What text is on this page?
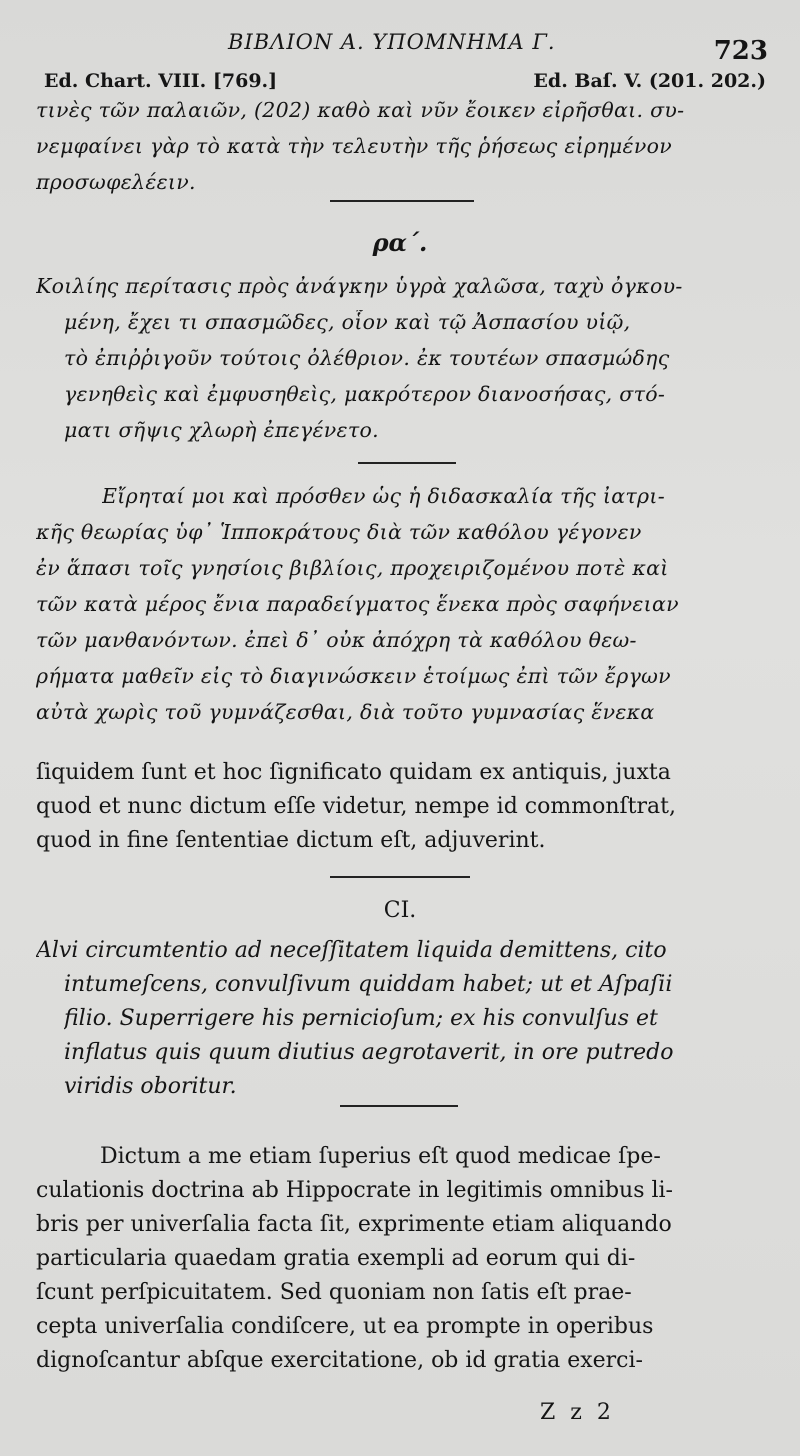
ΒΙΒΛΙΟΝ Α. ΥΠΟΜΝΗΜΑ Γ.	723
Ed. Chart. VIII. [769.]	Ed. Baſ. V. (201. 202.)
τινὲς τῶν παλαιῶν, (202) καθὸ καὶ νῦν ἔοικεν εἰρῆσθαι. συ-
νεμφαίνει γὰρ τὸ κατὰ τὴν τελευτὴν τῆς ῥήσεως εἰρημένον
προσωφελέειν.
ρα΄.
Κοιλίης περίτασις πρὸς ἀνάγκην ὑγρὰ χαλῶσα, ταχὺ ὀγκου-
μένη, ἔχει τι σπασμῶδες, οἷον καὶ τῷ Ἀσπασίου υἱῷ,
τὸ ἐπιῤῥιγοῦν τούτοις ὀλέθριον. ἐκ τουτέων σπασμώδης
γενηθεὶς καὶ ἐμφυσηθεὶς, μακρότερον διανοσήσας, στό-
ματι σῆψις χλωρὴ ἐπεγένετο.
Εἴρηταί μοι καὶ πρόσθεν ὡς ἡ διδασκαλία τῆς ἰατρι-
κῆς θεωρίας ὑφ᾽ Ἱπποκράτους διὰ τῶν καθόλου γέγονεν
ἐν ἅπασι τοῖς γνησίοις βιβλίοις, προχειριζομένου ποτὲ καὶ
τῶν κατὰ μέρος ἔνια παραδείγματος ἕνεκα πρὸς σαφήνειαν
τῶν μανθανόντων. ἐπεὶ δ᾽ οὐκ ἀπόχρη τὰ καθόλου θεω-
ρήματα μαθεῖν εἰς τὸ διαγινώσκειν ἑτοίμως ἐπὶ τῶν ἔργων
αὐτὰ χωρὶς τοῦ γυμνάζεσθαι, διὰ τοῦτο γυμνασίας ἕνεκα
ſiquidem ſunt et hoc ſignificato quidam ex antiquis, juxta
quod et nunc dictum eſſe videtur, nempe id commonſtrat,
quod in fine ſententiae dictum eſt, adjuverint.
CI.
Alvi circumtentio ad neceſſitatem liquida demittens, cito
intumeſcens, convulſivum quiddam habet; ut et Aſpaſii
filio. Superrigere his pernicioſum; ex his convulſus et
inflatus quis quum diutius aegrotaverit, in ore putredo
viridis oboritur.
Dictum a me etiam ſuperius eſt quod medicae ſpe-
culationis doctrina ab Hippocrate in legitimis omnibus li-
bris per univerſalia facta ſit, exprimente etiam aliquando
particularia quaedam gratia exempli ad eorum qui di-
ſcunt perſpicuitatem. Sed quoniam non ſatis eſt prae-
cepta univerſalia condiſcere, ut ea prompte in operibus
dignoſcantur abſque exercitatione, ob id gratia exerci-
Z z 2
